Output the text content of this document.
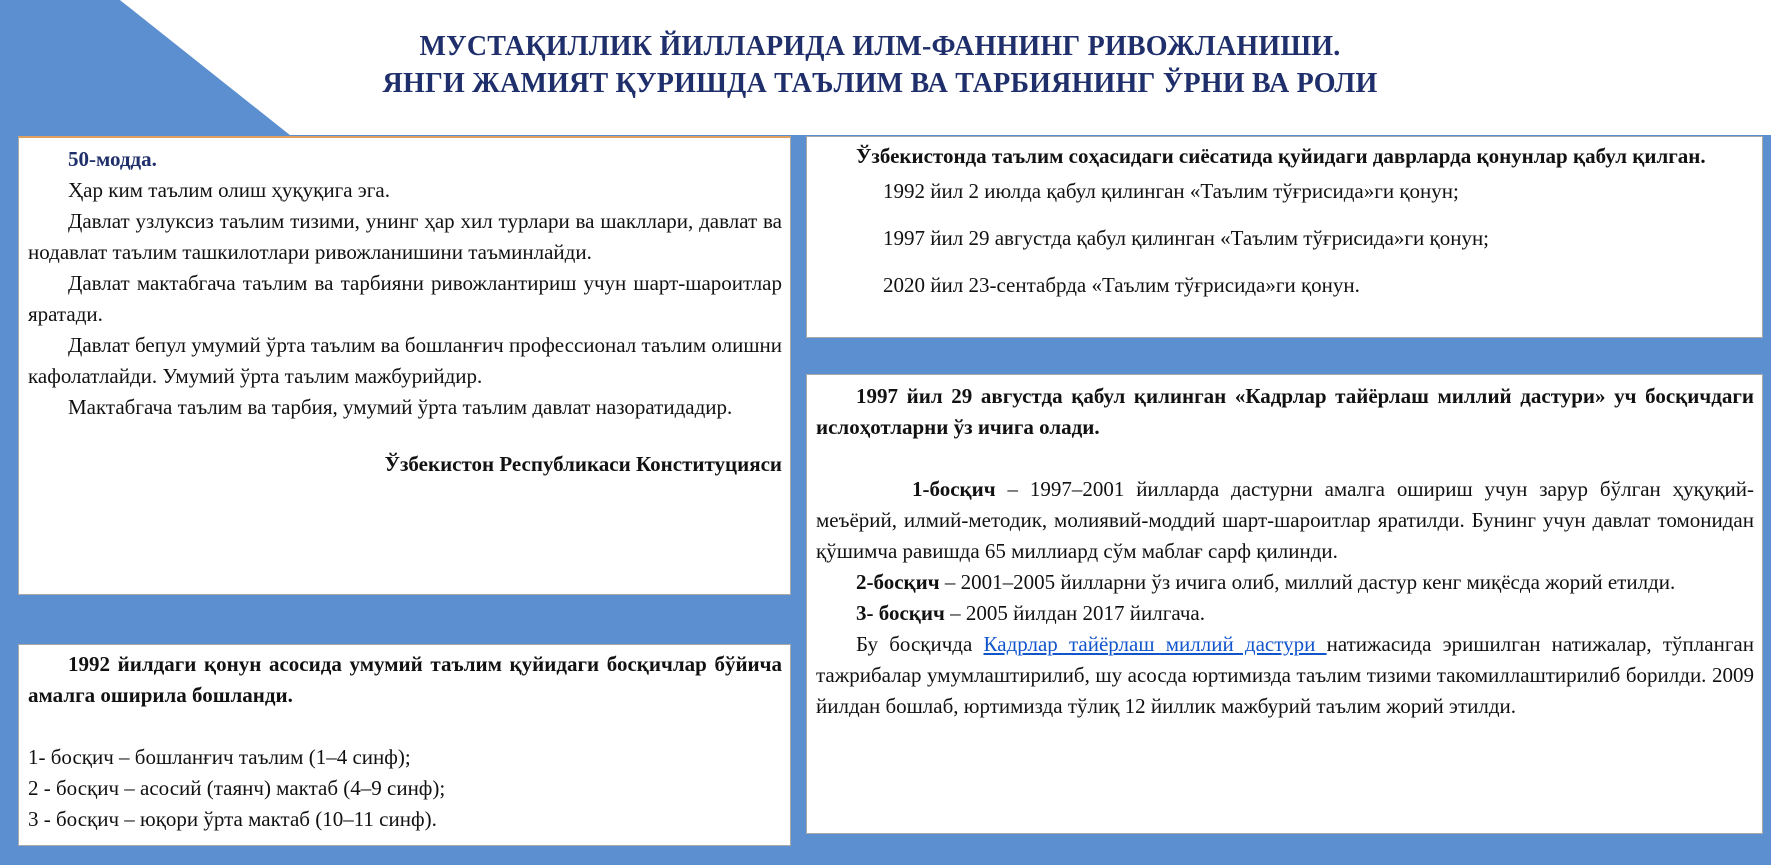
МУСТАҚИЛЛИК ЙИЛЛАРИДА ИЛМ-ФАННИНГ РИВОЖЛАНИШИ.
ЯНГИ ЖАМИЯТ ҚУРИШДА ТАЪЛИМ ВА ТАРБИЯНИНГ ЎРНИ ВА РОЛИ

50-модда.

Ҳар ким таълим олиш ҳуқуқига эга.

Давлат узлуксиз таълим тизими, унинг ҳар хил турлари ва шакллари, давлат ва нодавлат таълим ташкилотлари ривожланишини таъминлайди.

Давлат мактабгача таълим ва тарбияни ривожлантириш учун шарт-шароитлар яратади.

Давлат бепул умумий ўрта таълим ва бошланғич профессионал таълим олишни кафолатлайди. Умумий ўрта таълим мажбурийдир.

Мактабгача таълим ва тарбия, умумий ўрта таълим давлат назоратидадир.

Ўзбекистон Республикаси Конституцияси

Ўзбекистонда таълим соҳасидаги сиёсатида қуйидаги даврларда қонунлар қабул қилган.

1992 йил 2 июлда қабул қилинган «Таълим тўғрисида»ги қонун;

1997 йил 29 августда қабул қилинган «Таълим тўғрисида»ги қонун;

2020 йил 23-сентабрда «Таълим тўғрисида»ги қонун.

1992 йилдаги қонун асосида умумий таълим қуйидаги босқичлар бўйича амалга оширила бошланди.

1- босқич – бошланғич таълим (1–4 синф);

2 - босқич – асосий (таянч) мактаб (4–9 синф);

3 - босқич – юқори ўрта мактаб (10–11 синф).

1997 йил 29 августда қабул қилинган «Кадрлар тайёрлаш миллий дастури» уч босқичдаги ислоҳотларни ўз ичига олади.

1-босқич – 1997–2001 йилларда дастурни амалга ошириш учун зарур бўлган ҳуқуқий-меъёрий, илмий-методик, молиявий-моддий шарт-шароитлар яратилди. Бунинг учун давлат томонидан қўшимча равишда 65 миллиард сўм маблағ сарф қилинди.

2-босқич – 2001–2005 йилларни ўз ичига олиб, миллий дастур кенг миқёсда жорий етилди.

3- босқич – 2005 йилдан 2017 йилгача.

Бу босқичда Кадрлар тайёрлаш миллий дастури натижасида эришилган натижалар, тўпланган тажрибалар умумлаштирилиб, шу асосда юртимизда таълим тизими такомиллаштирилиб борилди. 2009 йилдан бошлаб, юртимизда тўлиқ 12 йиллик мажбурий таълим жорий этилди.
